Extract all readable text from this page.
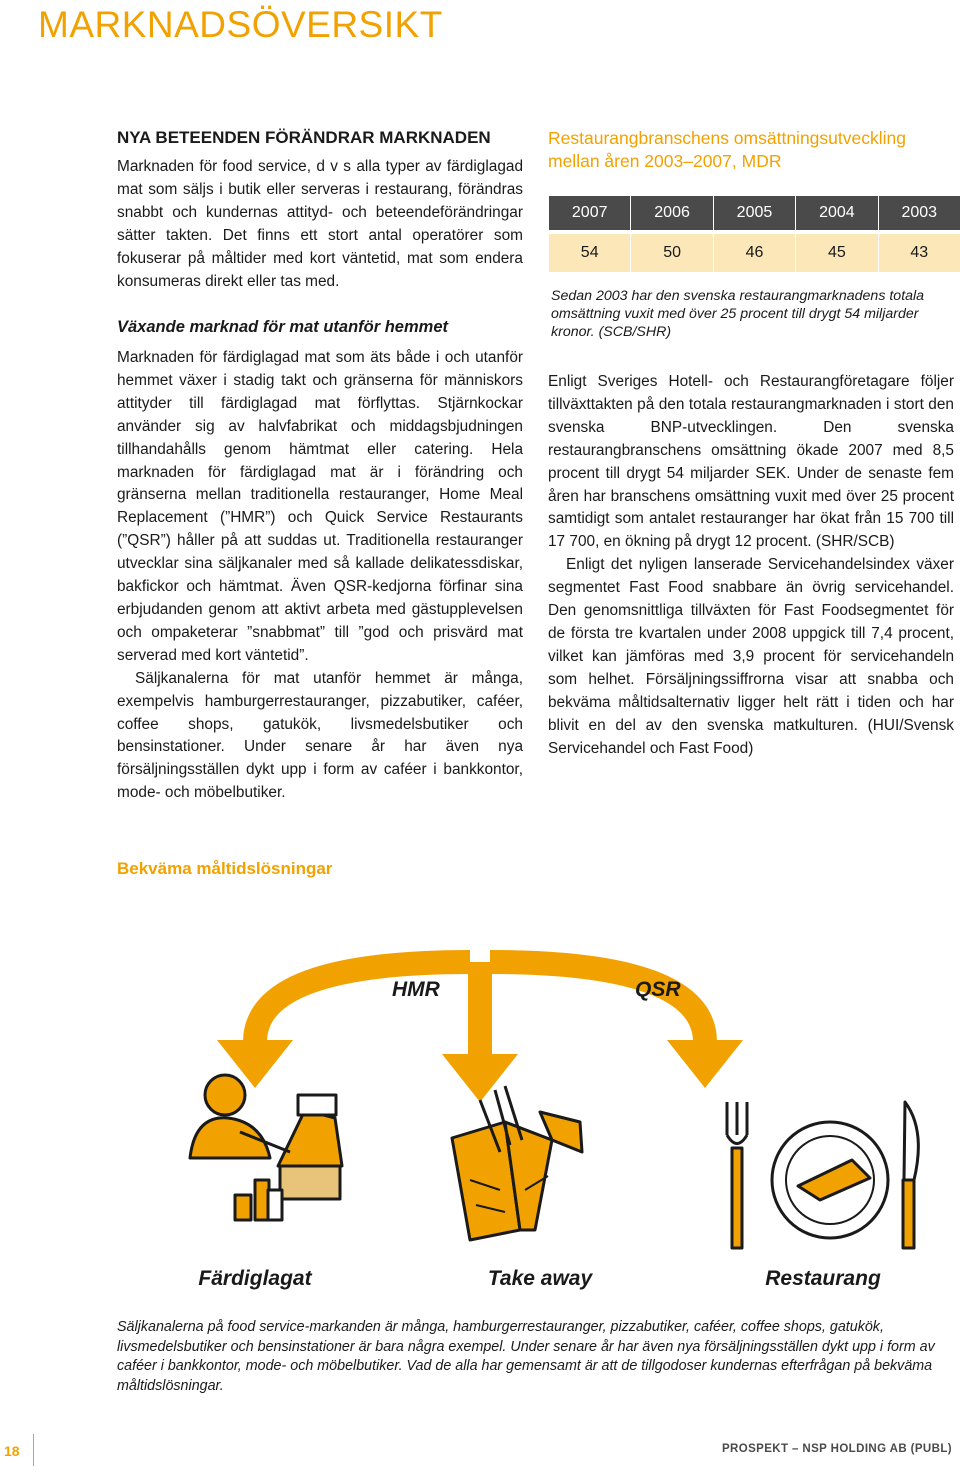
MARKNADSÖVERSIKT
NYA BETEENDEN FÖRÄNDRAR MARKNADEN

Marknaden för food service, d v s alla typer av färdiglagad mat som säljs i butik eller serveras i restaurang, förändras snabbt och kundernas attityd- och beteendeförändringar sätter takten. Det finns ett stort antal operatörer som fokuserar på måltider med kort väntetid, mat som endera konsumeras direkt eller tas med.

Växande marknad för mat utanför hemmet

Marknaden för färdiglagad mat som äts både i och utanför hemmet växer i stadig takt och gränserna för människors attityder till färdiglagad mat förflyttas. Stjärnkockar använder sig av halvfabrikat och middagsbjudningen tillhandahålls genom hämtmat eller catering. Hela marknaden för färdiglagad mat är i förändring och gränserna mellan traditionella restauranger, Home Meal Replacement (”HMR”) och Quick Service Restaurants (”QSR”) håller på att suddas ut. Traditionella restauranger utvecklar sina säljkanaler med så kallade delikatessdiskar, bakfickor och hämtmat. Även QSR-kedjorna förfinar sina erbjudanden genom att aktivt arbeta med gästupplevelsen och ompaketerar ”snabbmat” till ”god och prisvärd mat serverad med kort väntetid”.

Säljkanalerna för mat utanför hemmet är många, exempelvis hamburgerrestauranger, pizzabutiker, caféer, coffee shops, gatukök, livsmedelsbutiker och bensinstationer. Under senare år har även nya försäljningsställen dykt upp i form av caféer i bankkontor, mode- och möbelbutiker.

Restaurangbranschens omsättningsutveckling mellan åren 2003–2007, MDR
2007	2006	2005	2004	2003
54	50	46	45	43
Sedan 2003 har den svenska restaurangmarknadens totala omsättning vuxit med över 25 procent till drygt 54 miljarder kronor. (SCB/SHR)

Enligt Sveriges Hotell- och Restaurangföretagare följer tillväxttakten på den totala restaurangmarknaden i stort den svenska BNP-utvecklingen. Den svenska restaurangbranschens omsättning ökade 2007 med 8,5 procent till drygt 54 miljarder SEK. Under de senaste fem åren har branschens omsättning vuxit med över 25 procent samtidigt som antalet restauranger har ökat från 15 700 till 17 700, en ökning på drygt 12 procent. (SHR/SCB)

Enligt det nyligen lanserade Servicehandelsindex växer segmentet Fast Food snabbare än övrig servicehandel. Den genomsnittliga tillväxten för Fast Foodsegmentet för de första tre kvartalen under 2008 uppgick till 7,4 procent, vilket kan jämföras med 3,9 procent för servicehandeln som helhet. Försäljningssiffrorna visar att snabba och bekväma måltidsalternativ ligger helt rätt i tiden och har blivit en del av den svenska matkulturen. (HUI/Svensk Servicehandel och Fast Food)

Bekväma måltidslösningar
HMR	QSR
Färdiglagat	Take away	Restaurang
Säljkanalerna på food service-markanden är många, hamburgerrestauranger, pizzabutiker, caféer, coffee shops, gatukök, livsmedelsbutiker och bensinstationer är bara några exempel. Under senare år har även nya försäljningsställen dykt upp i form av caféer i bankkontor, mode- och möbelbutiker. Vad de alla har gemensamt är att de tillgodoser kundernas efterfrågan på bekväma måltidslösningar.
18	PROSPEKT – NSP HOLDING AB (PUBL)
